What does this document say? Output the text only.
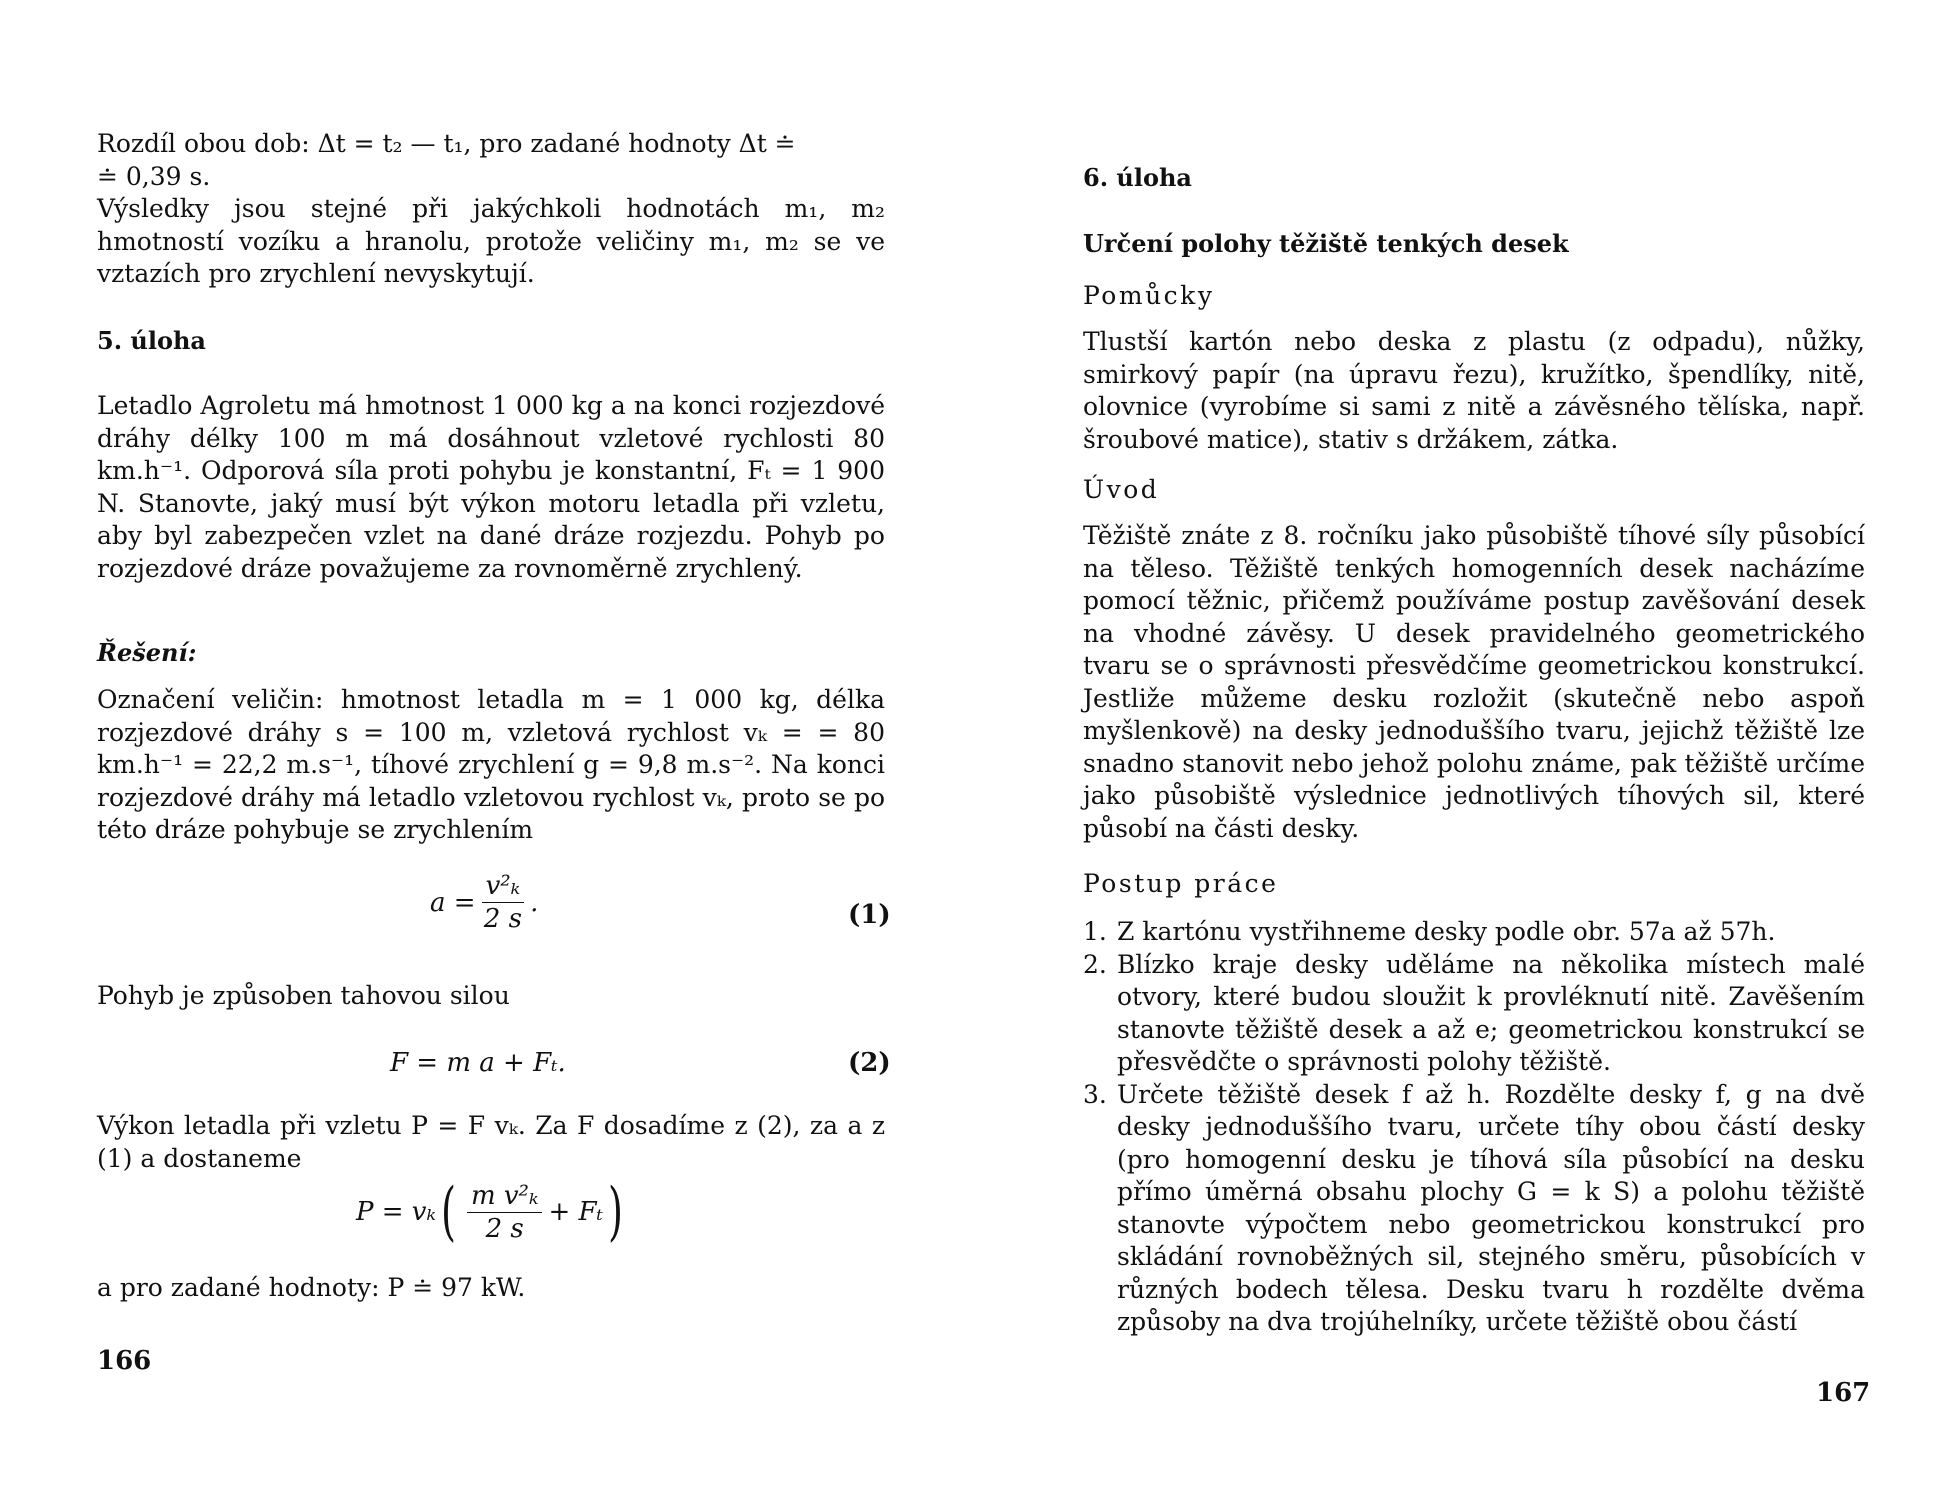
Rozdíl obou dob: Δt = t₂ — t₁, pro zadané hodnoty Δt ≐
≐ 0,39 s.

Výsledky jsou stejné při jakýchkoli hodnotách m₁, m₂ hmotností vozíku a hranolu, protože veličiny m₁, m₂ se ve vztazích pro zrychlení nevyskytují.

5. úloha

Letadlo Agroletu má hmotnost 1 000 kg a na konci rozjezdové dráhy délky 100 m má dosáhnout vzletové rychlosti 80 km.h⁻¹. Odporová síla proti pohybu je konstantní, Fₜ = 1 900 N. Stanovte, jaký musí být výkon motoru letadla při vzletu, aby byl zabezpečen vzlet na dané dráze rozjezdu. Pohyb po rozjezdové dráze považujeme za rovnoměrně zrychlený.

Řešení:

Označení veličin: hmotnost letadla m = 1 000 kg, délka rozjezdové dráhy s = 100 m, vzletová rychlost vₖ = = 80 km.h⁻¹ = 22,2 m.s⁻¹, tíhové zrychlení g = 9,8 m.s⁻². Na konci rozjezdové dráhy má letadlo vzletovou rychlost vₖ, proto se po této dráze pohybuje se zrychlením

$a = \frac{\text{v²ₖ}}{2 s}$ .	(1)

Pohyb je způsoben tahovou silou

F = m a + Fₜ.	(2)

Výkon letadla při vzletu P = F vₖ. Za F dosadíme z (2), za a z (1) a dostaneme

P = vₖ ( $\frac{\text{m v²ₖ}}{2 s} + F_t$ )

a pro zadané hodnoty: P ≐ 97 kW.

166
6. úloha
Určení polohy těžiště tenkých desek
Pomůcky

Tlustší kartón nebo deska z plastu (z odpadu), nůžky, smirkový papír (na úpravu řezu), kružítko, špendlíky, nitě, olovnice (vyrobíme si sami z nitě a závěsného tělíska, např. šroubové matice), stativ s držákem, zátka.

Úvod

Těžiště znáte z 8. ročníku jako působiště tíhové síly působící na těleso. Těžiště tenkých homogenních desek nacházíme pomocí těžnic, přičemž používáme postup zavěšování desek na vhodné závěsy. U desek pravidelného geometrického tvaru se o správnosti přesvědčíme geometrickou konstrukcí. Jestliže můžeme desku rozložit (skutečně nebo aspoň myšlenkově) na desky jednoduššího tvaru, jejichž těžiště lze snadno stanovit nebo jehož polohu známe, pak těžiště určíme jako působiště výslednice jednotlivých tíhových sil, které působí na části desky.

Postup práce
1. Z kartónu vystřihneme desky podle obr. 57a až 57h.
2. Blízko kraje desky uděláme na několika místech malé otvory, které budou sloužit k provléknutí nitě. Zavěšením stanovte těžiště desek a až e; geometrickou konstrukcí se přesvědčte o správnosti polohy těžiště.
3. Určete těžiště desek f až h. Rozdělte desky f, g na dvě desky jednoduššího tvaru, určete tíhy obou částí desky (pro homogenní desku je tíhová síla působící na desku přímo úměrná obsahu plochy G = k S) a polohu těžiště stanovte výpočtem nebo geometrickou konstrukcí pro skládání rovnoběžných sil, stejného směru, působících v různých bodech tělesa. Desku tvaru h rozdělte dvěma způsoby na dva trojúhelníky, určete těžiště obou částí
167
